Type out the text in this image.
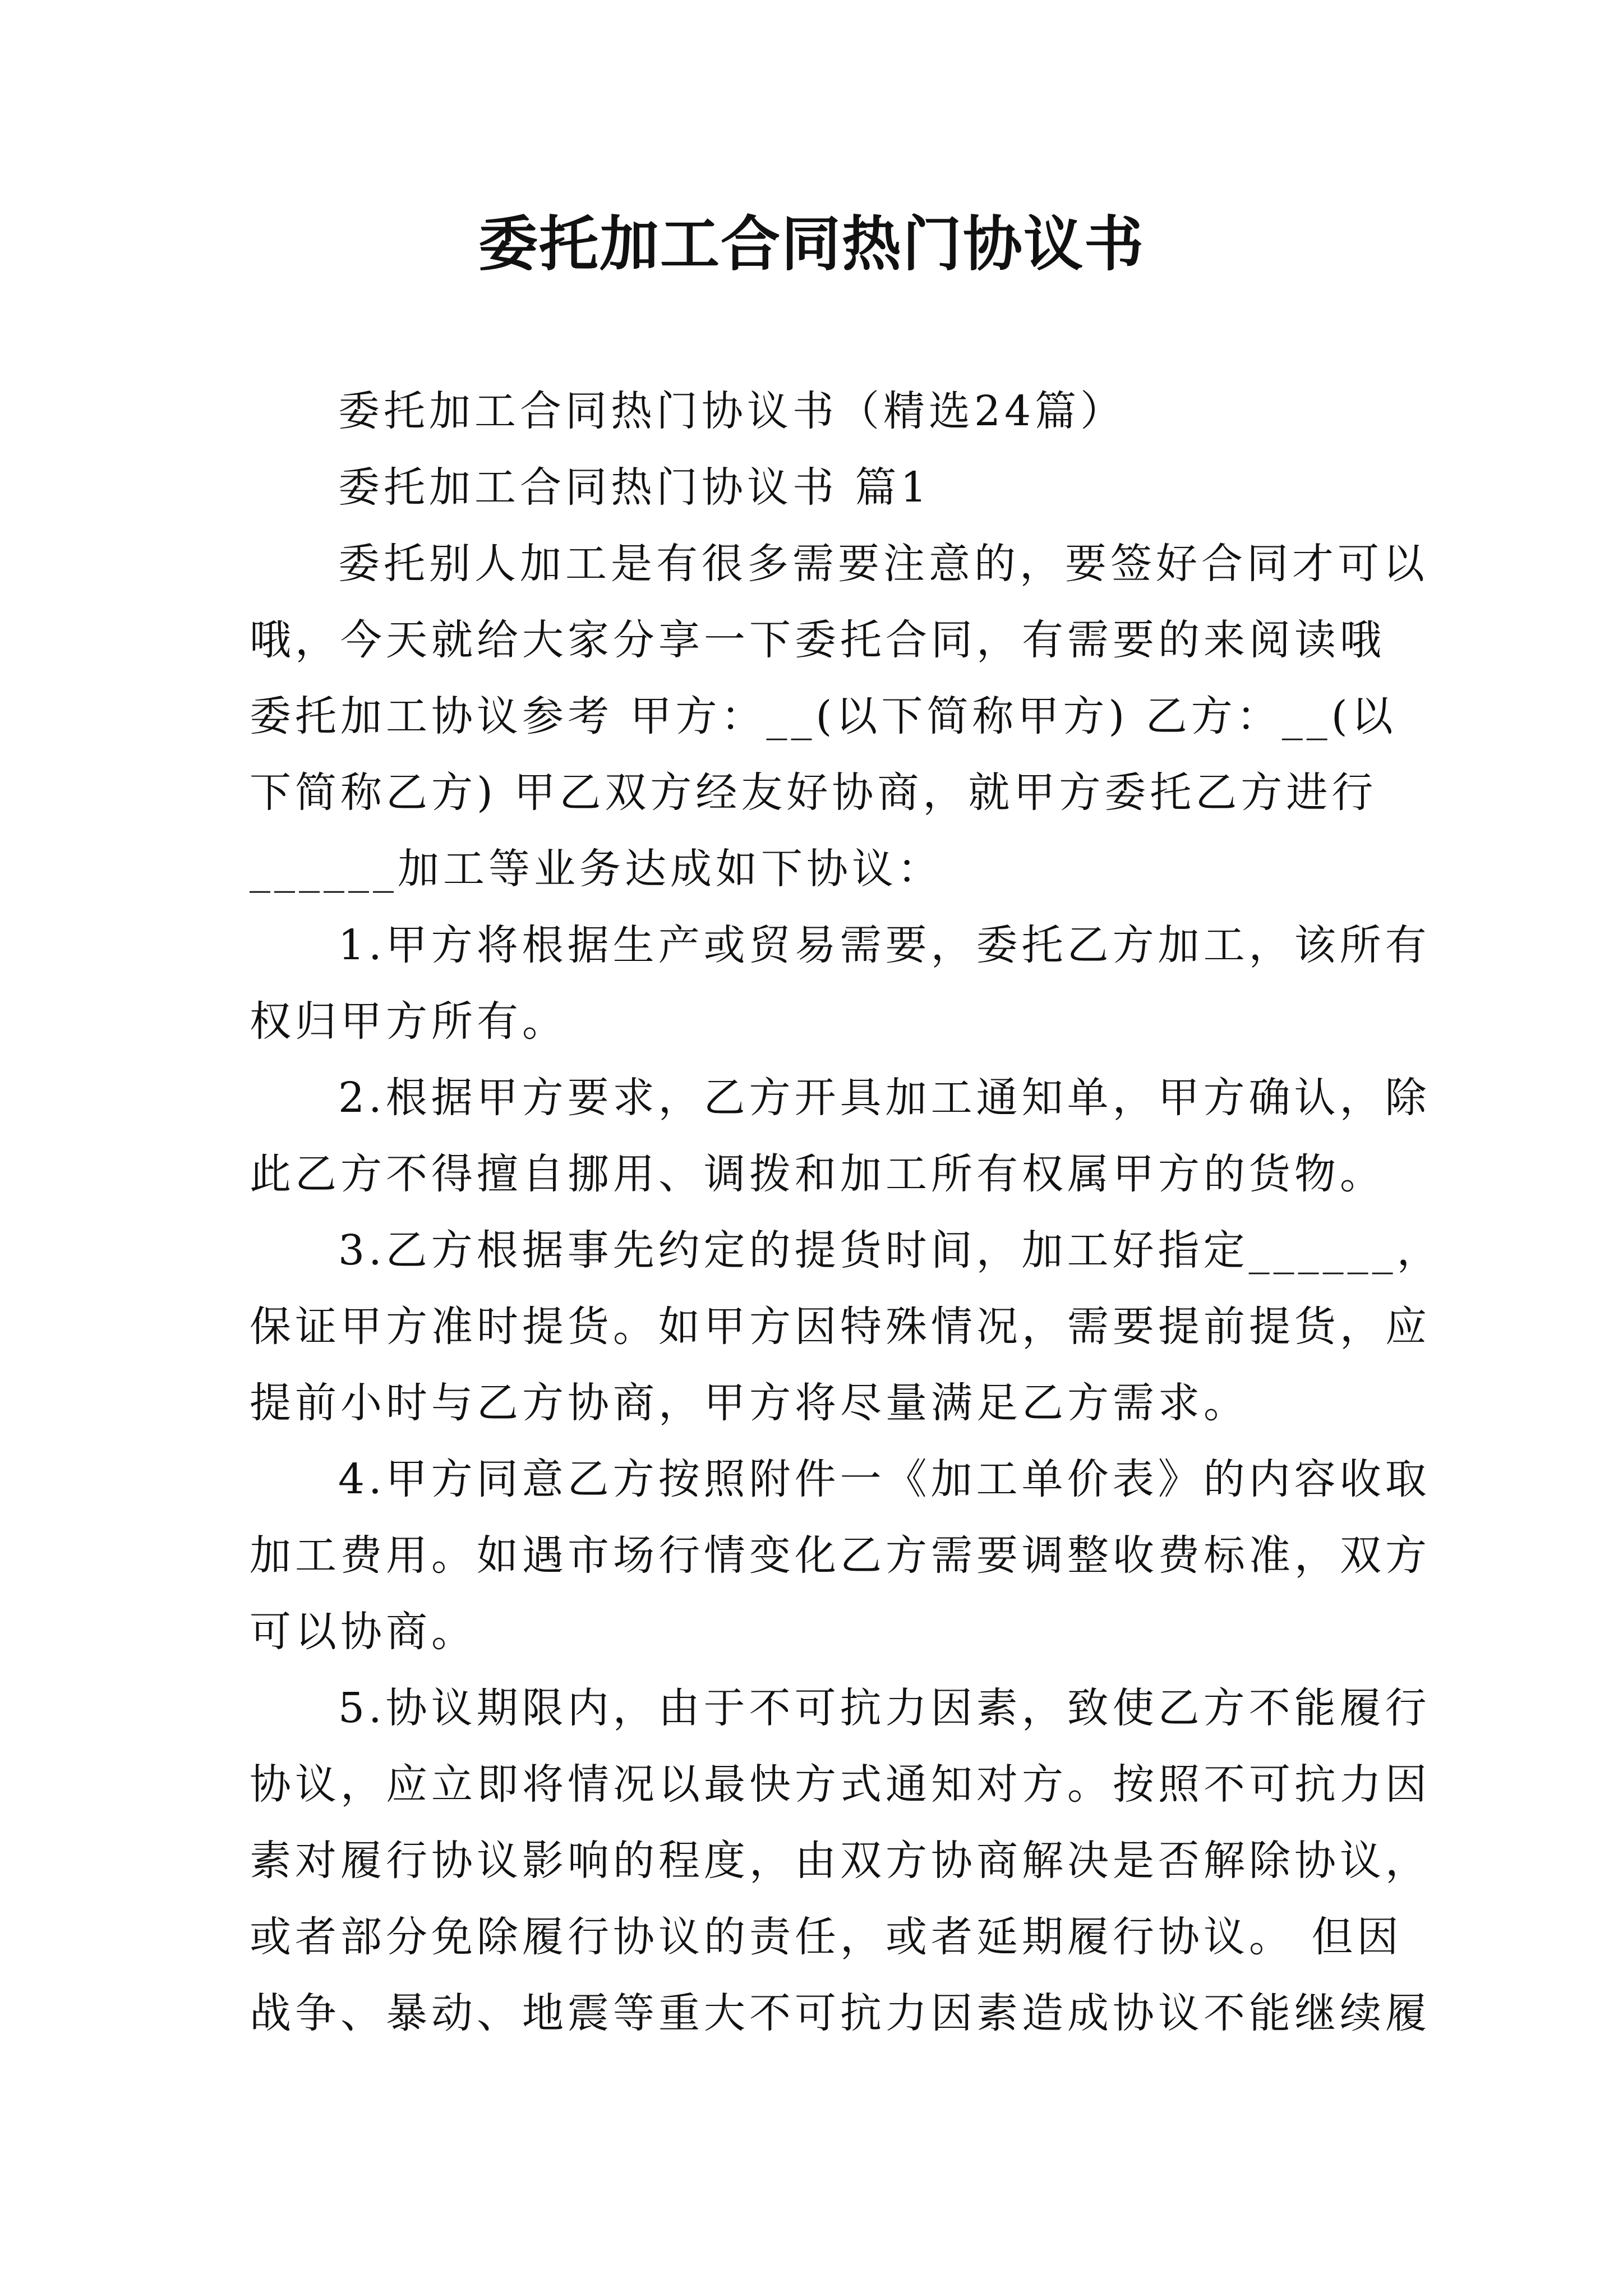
委托加工合同热门协议书
委托加工合同热门协议书（精选24篇）
委托加工合同热门协议书 篇1
委托别人加工是有很多需要注意的，要签好合同才可以
哦，今天就给大家分享一下委托合同，有需要的来阅读哦
委托加工协议参考 甲方：__(以下简称甲方) 乙方：__(以
下简称乙方) 甲乙双方经友好协商，就甲方委托乙方进行
______加工等业务达成如下协议：
1.甲方将根据生产或贸易需要，委托乙方加工，该所有
权归甲方所有。
2.根据甲方要求，乙方开具加工通知单，甲方确认，除
此乙方不得擅自挪用、调拨和加工所有权属甲方的货物。
3.乙方根据事先约定的提货时间，加工好指定______，
保证甲方准时提货。如甲方因特殊情况，需要提前提货，应
提前小时与乙方协商，甲方将尽量满足乙方需求。
4.甲方同意乙方按照附件一《加工单价表》的内容收取
加工费用。如遇市场行情变化乙方需要调整收费标准，双方
可以协商。
5.协议期限内，由于不可抗力因素，致使乙方不能履行
协议，应立即将情况以最快方式通知对方。按照不可抗力因
素对履行协议影响的程度，由双方协商解决是否解除协议，
或者部分免除履行协议的责任，或者延期履行协议。 但因
战争、暴动、地震等重大不可抗力因素造成协议不能继续履
